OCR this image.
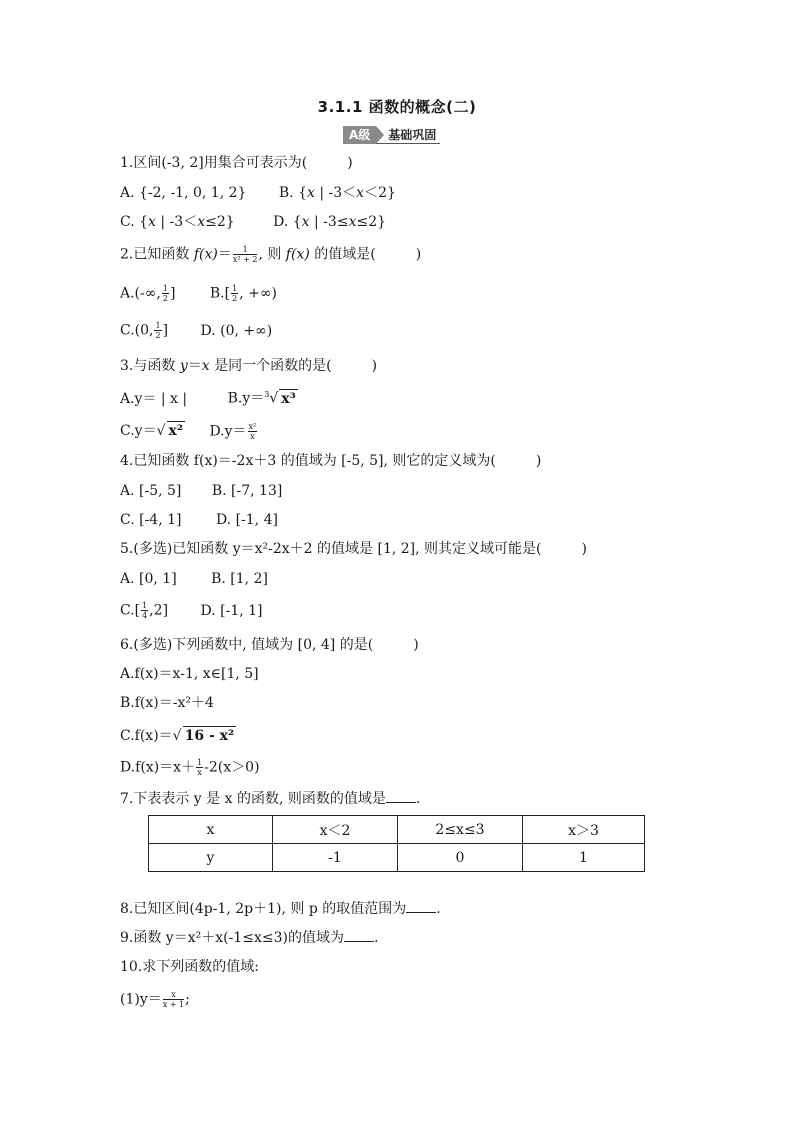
3.1.1 函数的概念(二)
A级	基础巩固
1.区间(-3, 2]用集合可表示为(	)
A. {-2, -1, 0, 1, 2} B. {x | -3＜x＜2}
C. {x | -3＜x≤2}	D. {x | -3≤x≤2}
2.已知函数 $f(x)= \frac{1}{\text{x² + 2}}$ , 则 f(x) 的值域是(	)
A.(-∞, $\frac{1}{2}$ ] $B.[ \frac{1}{2}$ , +∞)
C.(0, $\frac{1}{2}$ ] D. (0, +∞)
3.与函数 y＝x 是同一个函数的是(	)
A.y＝ | x |	B.y＝$^3$√ x³
C.y＝√ x² $D.y= \frac{\text{x²}}{x}$
4.已知函数 f(x)＝-2x＋3 的值域为 [-5, 5], 则它的定义域为(	)
A. [-5, 5] B. [-7, 13]
C. [-4, 1] D. [-1, 4]
5.(多选)已知函数 y＝x²-2x＋2 的值域是 [1, 2], 则其定义域可能是(	)
A. [0, 1] B. [1, 2]
$C.[ \frac{1}{4} ,2]$ D. [-1, 1]
6.(多选)下列函数中, 值域为 [0, 4] 的是(	)
A.f(x)＝x-1, x∈[1, 5]
B.f(x)＝-x²＋4
C.f(x)＝√ 16 - x²
$D.f(x)=x+ \frac{1}{x} -2(x>0)$
7.下表表示 y 是 x 的函数, 则函数的值域是 .
x	x＜2	2≤x≤3	x＞3
y	-1	0	1
8.已知区间(4p-1, 2p＋1), 则 p 的取值范围为 .
9.函数 y＝x²＋x(-1≤x≤3)的值域为 .
10.求下列函数的值域:
$(1)y= \frac{x}{x + 1}$ ;
